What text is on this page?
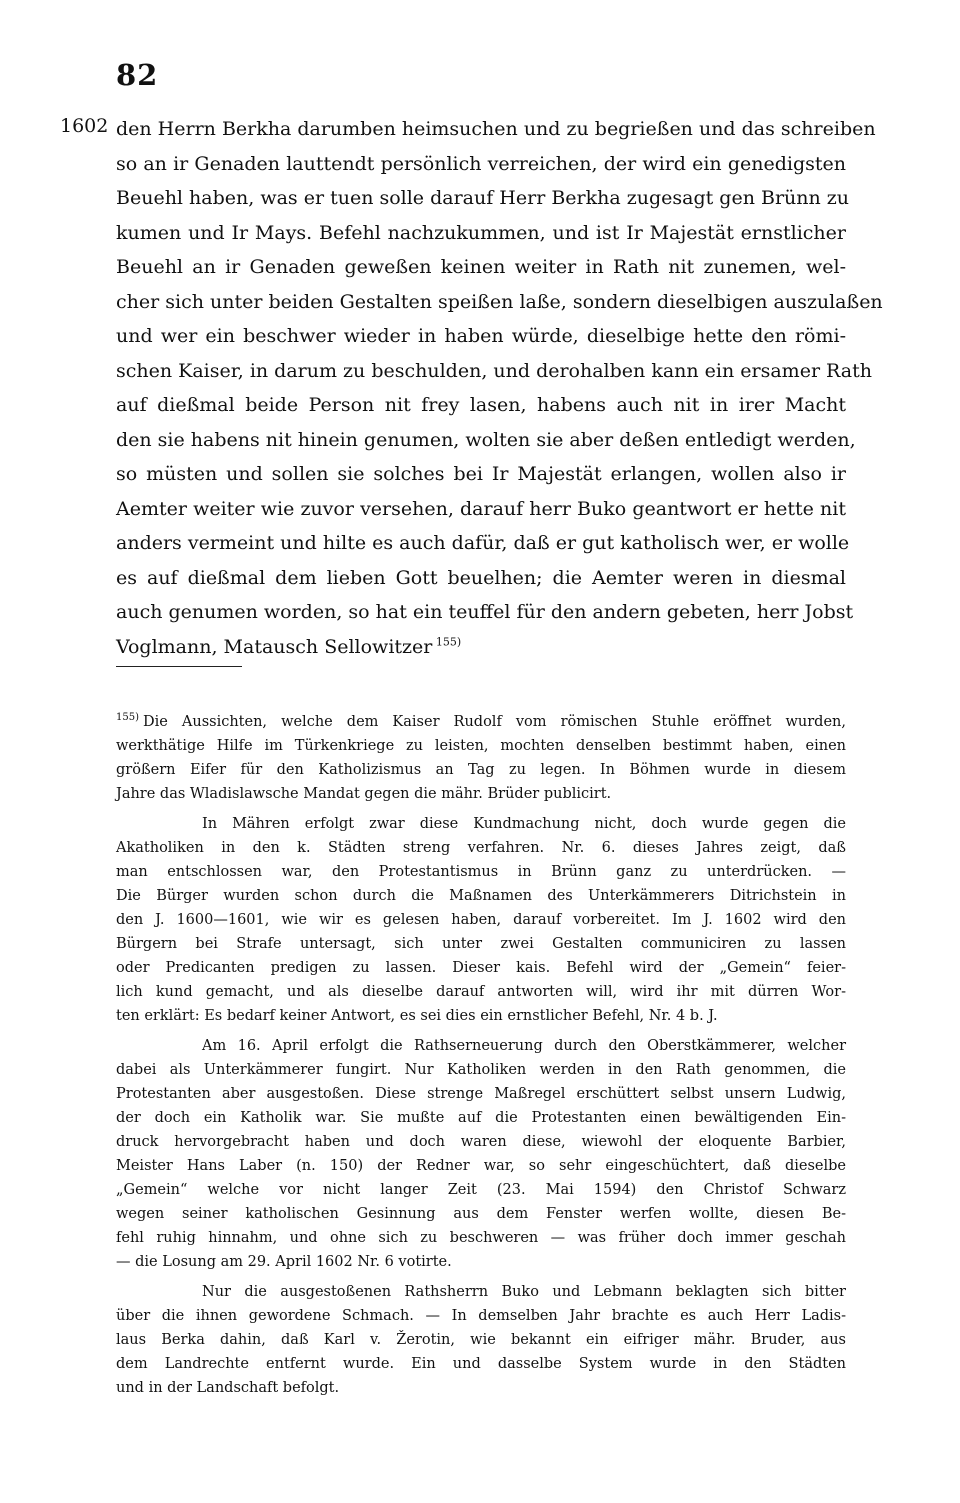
82
1602 den Herrn Berkha darumben heimsuchen und zu begrießen und das schreiben
so an ir Genaden lauttendt persönlich verreichen, der wird ein genedigsten
Beuehl haben, was er tuen solle darauf Herr Berkha zugesagt gen Brünn zu
kumen und Ir Mays. Befehl nachzukummen, und ist Ir Majestät ernstlicher
Beuehl an ir Genaden geweßen keinen weiter in Rath nit zunemen, wel-
cher sich unter beiden Gestalten speißen laße, sondern dieselbigen auszulaßen
und wer ein beschwer wieder in haben würde, dieselbige hette den römi-
schen Kaiser, in darum zu beschulden, und derohalben kann ein ersamer Rath
auf dießmal beide Person nit frey lasen, habens auch nit in irer Macht
den sie habens nit hinein genumen, wolten sie aber deßen entledigt werden,
so müsten und sollen sie solches bei Ir Majestät erlangen, wollen also ir
Aemter weiter wie zuvor versehen, darauf herr Buko geantwort er hette nit
anders vermeint und hilte es auch dafür, daß er gut katholisch wer, er wolle
es auf dießmal dem lieben Gott beuelhen; die Aemter weren in diesmal
auch genumen worden, so hat ein teuffel für den andern gebeten, herr Jobst
Voglmann, Matausch Sellowitzer $^{155)}$
$^{155)}$ Die Aussichten, welche dem Kaiser Rudolf vom römischen Stuhle eröffnet wurden,
werkthätige Hilfe im Türkenkriege zu leisten, mochten denselben bestimmt haben, einen
größern Eifer für den Katholizismus an Tag zu legen. In Böhmen wurde in diesem
Jahre das Wladislawsche Mandat gegen die mähr. Brüder publicirt.
In Mähren erfolgt zwar diese Kundmachung nicht, doch wurde gegen die
Akatholiken in den k. Städten streng verfahren. Nr. 6. dieses Jahres zeigt, daß
man entschlossen war, den Protestantismus in Brünn ganz zu unterdrücken. —
Die Bürger wurden schon durch die Maßnamen des Unterkämmerers Ditrichstein in
den J. 1600—1601, wie wir es gelesen haben, darauf vorbereitet. Im J. 1602 wird den
Bürgern bei Strafe untersagt, sich unter zwei Gestalten communiciren zu lassen
oder Predicanten predigen zu lassen. Dieser kais. Befehl wird der „Gemein“ feier-
lich kund gemacht, und als dieselbe darauf antworten will, wird ihr mit dürren Wor-
ten erklärt: Es bedarf keiner Antwort, es sei dies ein ernstlicher Befehl, Nr. 4 b. J.
Am 16. April erfolgt die Rathserneuerung durch den Oberstkämmerer, welcher
dabei als Unterkämmerer fungirt. Nur Katholiken werden in den Rath genommen, die
Protestanten aber ausgestoßen. Diese strenge Maßregel erschüttert selbst unsern Ludwig,
der doch ein Katholik war. Sie mußte auf die Protestanten einen bewältigenden Ein-
druck hervorgebracht haben und doch waren diese, wiewohl der eloquente Barbier,
Meister Hans Laber (n. 150) der Redner war, so sehr eingeschüchtert, daß dieselbe
„Gemein“ welche vor nicht langer Zeit (23. Mai 1594) den Christof Schwarz
wegen seiner katholischen Gesinnung aus dem Fenster werfen wollte, diesen Be-
fehl ruhig hinnahm, und ohne sich zu beschweren — was früher doch immer geschah
— die Losung am 29. April 1602 Nr. 6 votirte.
Nur die ausgestoßenen Rathsherrn Buko und Lebmann beklagten sich bitter
über die ihnen gewordene Schmach. — In demselben Jahr brachte es auch Herr Ladis-
laus Berka dahin, daß Karl v. Žerotin, wie bekannt ein eifriger mähr. Bruder, aus
dem Landrechte entfernt wurde. Ein und dasselbe System wurde in den Städten
und in der Landschaft befolgt.
